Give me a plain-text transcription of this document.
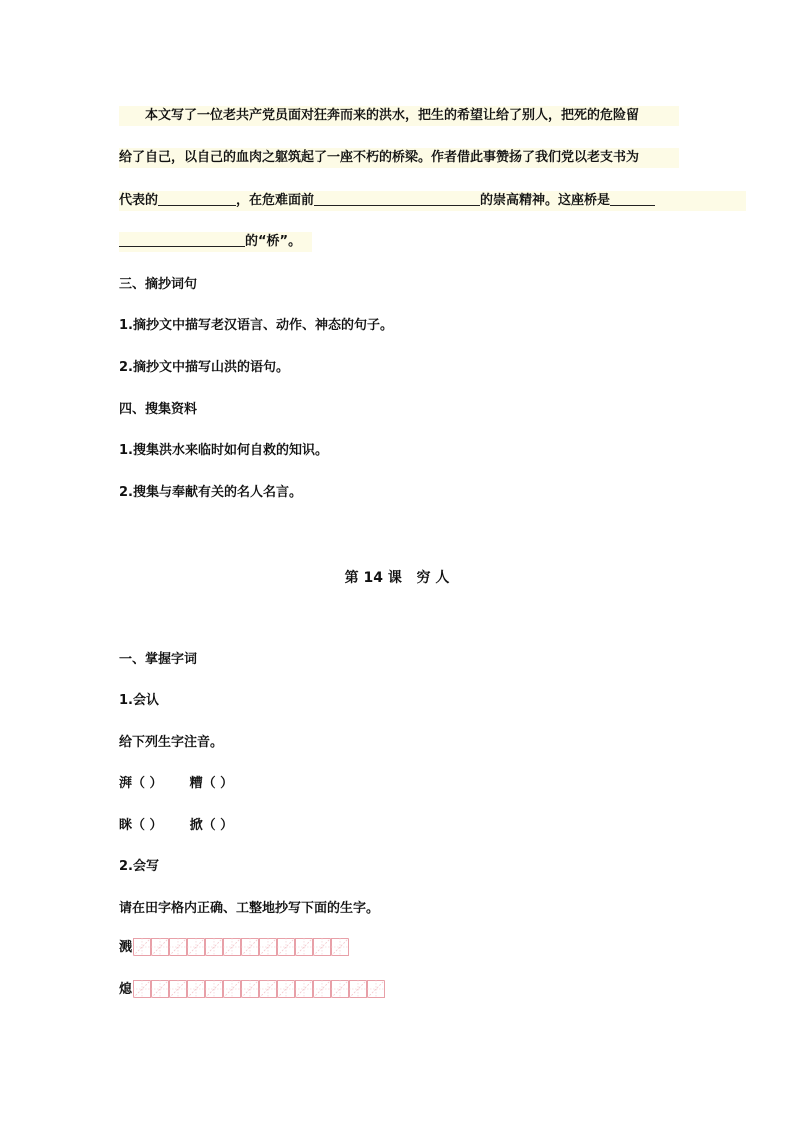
本文写了一位老共产党员面对狂奔而来的洪水，把生的希望让给了别人，把死的危险留
给了自己，以自己的血肉之躯筑起了一座不朽的桥梁。作者借此事赞扬了我们党以老支书为
代表的	，在危难面前	的崇高精神。这座桥是
的“桥”。
三、摘抄词句
1.摘抄文中描写老汉语言、动作、神态的句子。
2.摘抄文中描写山洪的语句。
四、搜集资料
1.搜集洪水来临时如何自救的知识。
2.搜集与奉献有关的名人名言。
第 14 课   穷 人
一、掌握字词
1.会认
给下列生字注音。
湃（ ） 糟（ ）
眯（ ） 掀（ ）
2.会写
请在田字格内正确、工整地抄写下面的生字。
溅
熄
